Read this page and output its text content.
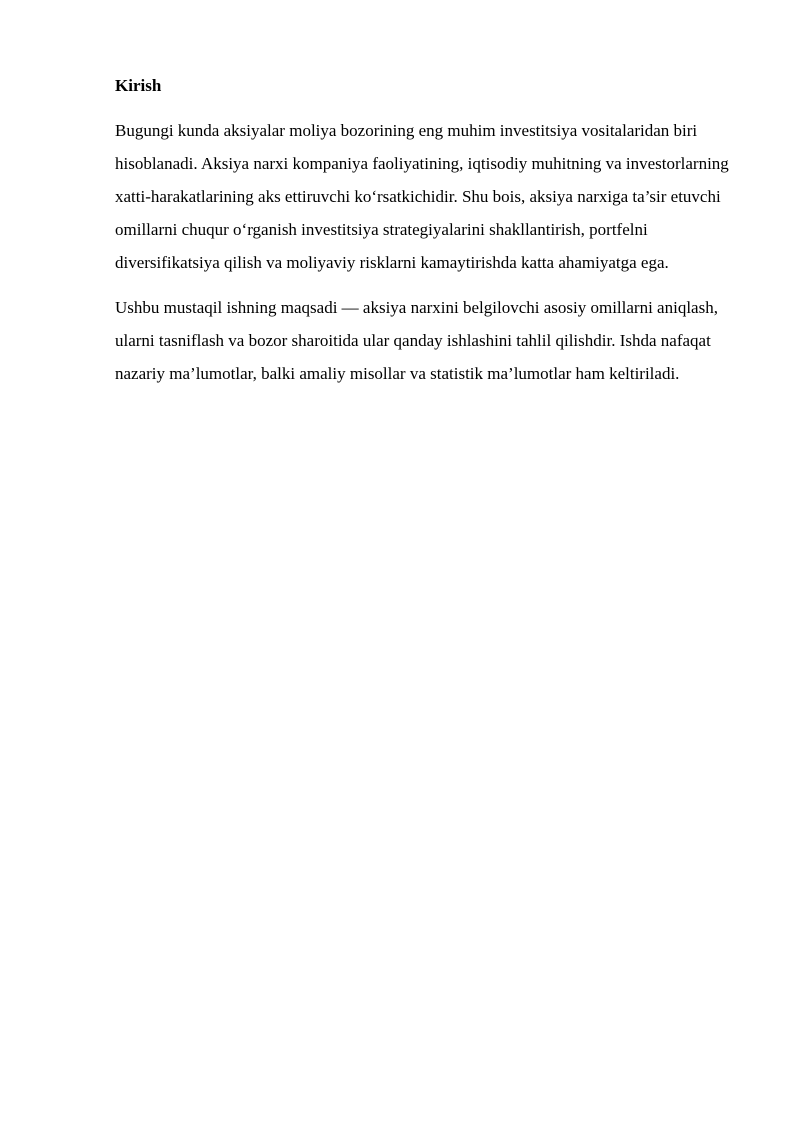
Kirish

Bugungi kunda aksiyalar moliya bozorining eng muhim investitsiya vositalaridan biri hisoblanadi. Aksiya narxi kompaniya faoliyatining, iqtisodiy muhitning va investorlarning xatti-harakatlarining aks ettiruvchi ko‘rsatkichidir. Shu bois, aksiya narxiga ta’sir etuvchi omillarni chuqur o‘rganish investitsiya strategiyalarini shakllantirish, portfelni diversifikatsiya qilish va moliyaviy risklarni kamaytirishda katta ahamiyatga ega.

Ushbu mustaqil ishning maqsadi — aksiya narxini belgilovchi asosiy omillarni aniqlash, ularni tasniflash va bozor sharoitida ular qanday ishlashini tahlil qilishdir. Ishda nafaqat nazariy ma’lumotlar, balki amaliy misollar va statistik ma’lumotlar ham keltiriladi.
